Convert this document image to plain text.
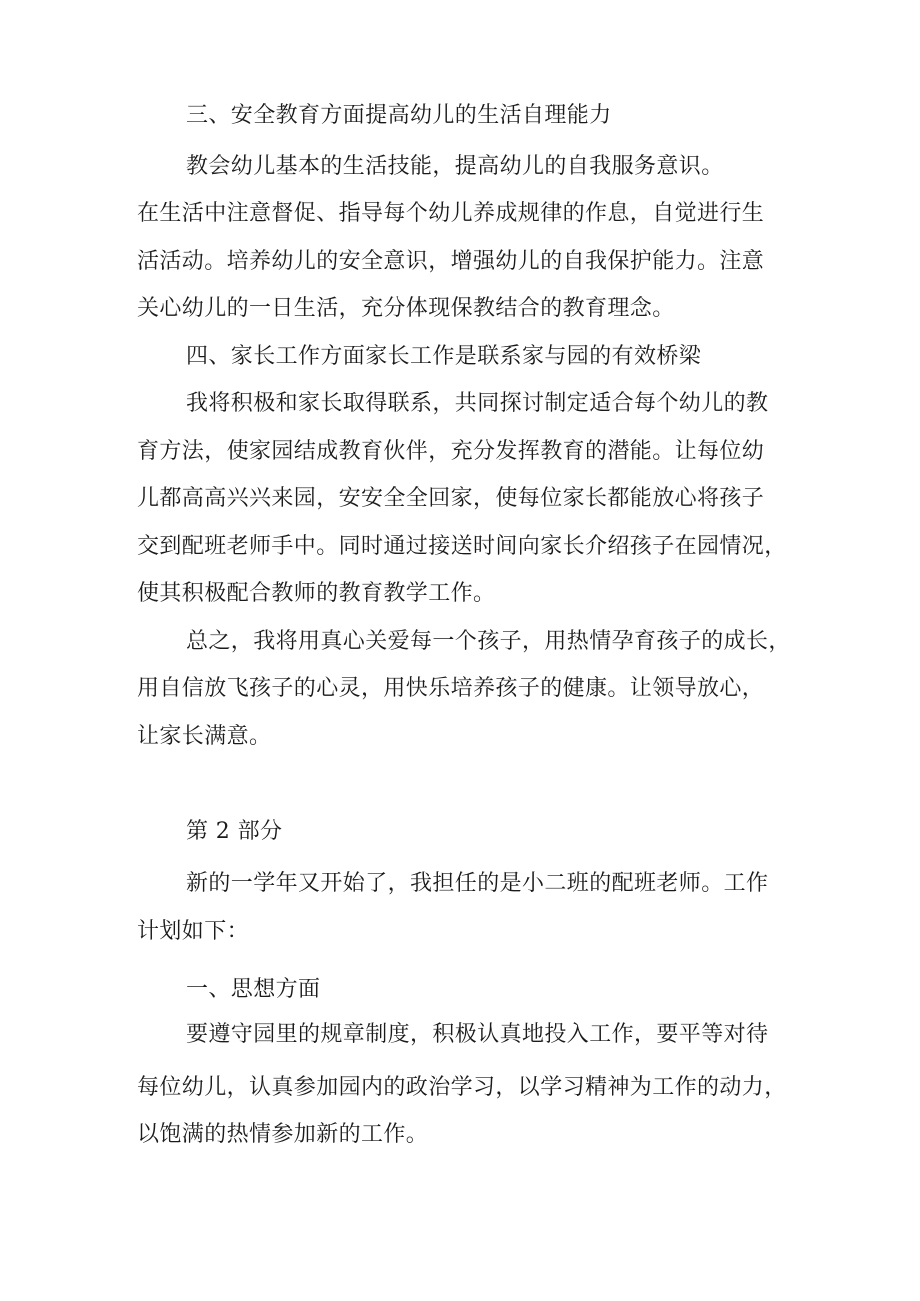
三、安全教育方面提高幼儿的生活自理能力

教会幼儿基本的生活技能，提高幼儿的自我服务意识。

在生活中注意督促、指导每个幼儿养成规律的作息，自觉进行生

活活动。培养幼儿的安全意识，增强幼儿的自我保护能力。注意

关心幼儿的一日生活，充分体现保教结合的教育理念。

四、家长工作方面家长工作是联系家与园的有效桥梁

我将积极和家长取得联系，共同探讨制定适合每个幼儿的教

育方法，使家园结成教育伙伴，充分发挥教育的潜能。让每位幼

儿都高高兴兴来园，安安全全回家，使每位家长都能放心将孩子

交到配班老师手中。同时通过接送时间向家长介绍孩子在园情况，

使其积极配合教师的教育教学工作。

总之，我将用真心关爱每一个孩子，用热情孕育孩子的成长，

用自信放飞孩子的心灵，用快乐培养孩子的健康。让领导放心，

让家长满意。

第 2 部分

新的一学年又开始了，我担任的是小二班的配班老师。工作

计划如下：

一、思想方面

要遵守园里的规章制度，积极认真地投入工作，要平等对待

每位幼儿，认真参加园内的政治学习，以学习精神为工作的动力，

以饱满的热情参加新的工作。
